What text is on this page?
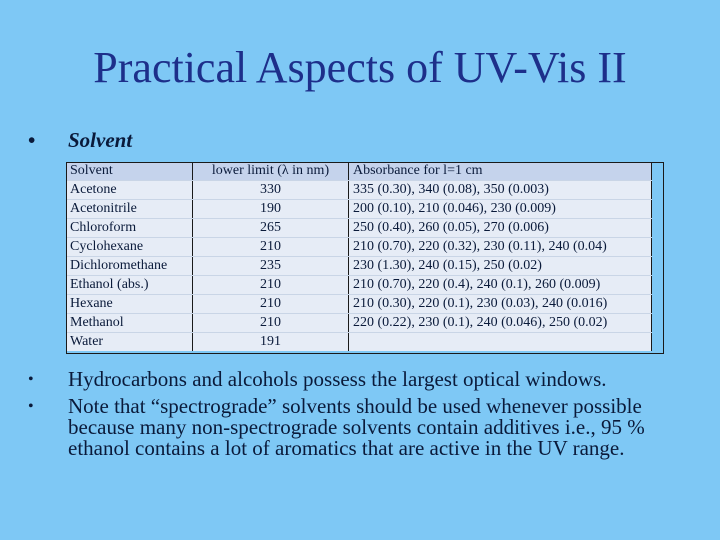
Practical Aspects of UV-Vis II
• Solvent
Solvent	lower limit (λ in nm)	Absorbance for l=1 cm
Acetone	330	335 (0.30), 340 (0.08), 350 (0.003)
Acetonitrile	190	200 (0.10), 210 (0.046), 230 (0.009)
Chloroform	265	250 (0.40), 260 (0.05), 270 (0.006)
Cyclohexane	210	210 (0.70), 220 (0.32), 230 (0.11), 240 (0.04)
Dichloromethane	235	230 (1.30), 240 (0.15), 250 (0.02)
Ethanol (abs.)	210	210 (0.70), 220 (0.4), 240 (0.1), 260 (0.009)
Hexane	210	210 (0.30), 220 (0.1), 230 (0.03), 240 (0.016)
Methanol	210	220 (0.22), 230 (0.1), 240 (0.046), 250 (0.02)
Water	191	
• Hydrocarbons and alcohols possess the largest optical windows.
• Note that “spectrograde” solvents should be used whenever possible because many non-spectrograde solvents contain additives i.e., 95 % ethanol contains a lot of aromatics that are active in the UV range.
